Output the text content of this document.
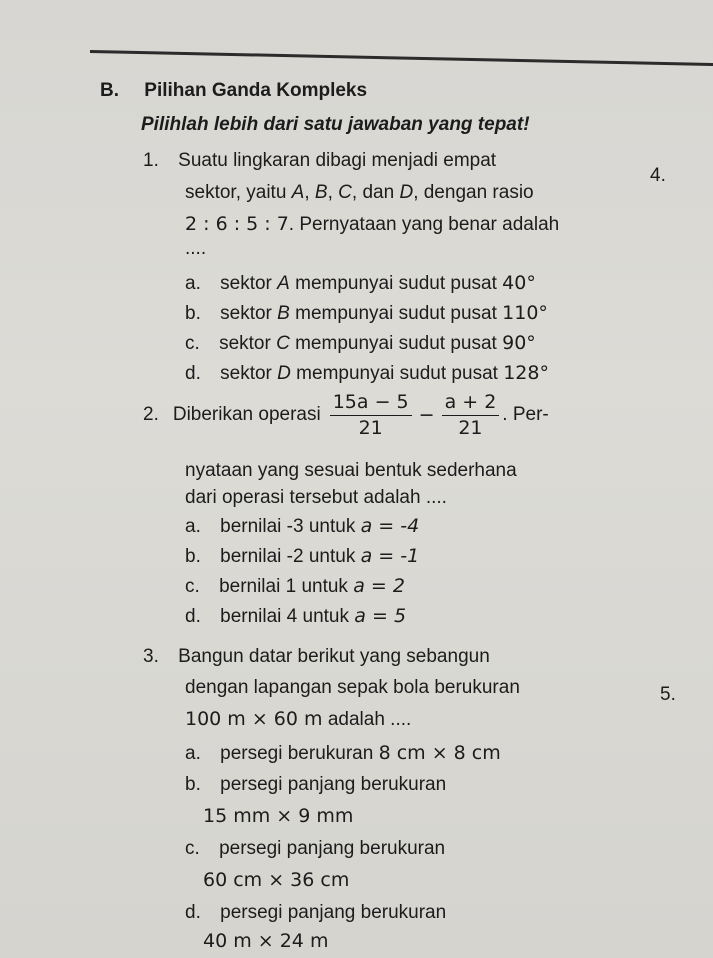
B. Pilihan Ganda Kompleks
Pilihlah lebih dari satu jawaban yang tepat!
1. Suatu lingkaran dibagi menjadi empat
4.
sektor, yaitu A, B, C, dan D, dengan rasio
2 : 6 : 5 : 7. Pernyataan yang benar adalah
....
a. sektor A mempunyai sudut pusat 40°
b. sektor B mempunyai sudut pusat 110°
c. sektor C mempunyai sudut pusat 90°
d. sektor D mempunyai sudut pusat 128°
2. Diberikan operasi $\frac{15a - 5}{21} - \frac{a + 2}{21}$ . Per-
nyataan yang sesuai bentuk sederhana
dari operasi tersebut adalah ....
a. bernilai -3 untuk a = -4
b. bernilai -2 untuk a = -1
c. bernilai 1 untuk a = 2
d. bernilai 4 untuk a = 5
3. Bangun datar berikut yang sebangun
dengan lapangan sepak bola berukuran	5.
100 m × 60 m adalah ....
a. persegi berukuran 8 cm × 8 cm
b. persegi panjang berukuran
15 mm × 9 mm
c. persegi panjang berukuran
60 cm × 36 cm
d. persegi panjang berukuran
40 m × 24 m
